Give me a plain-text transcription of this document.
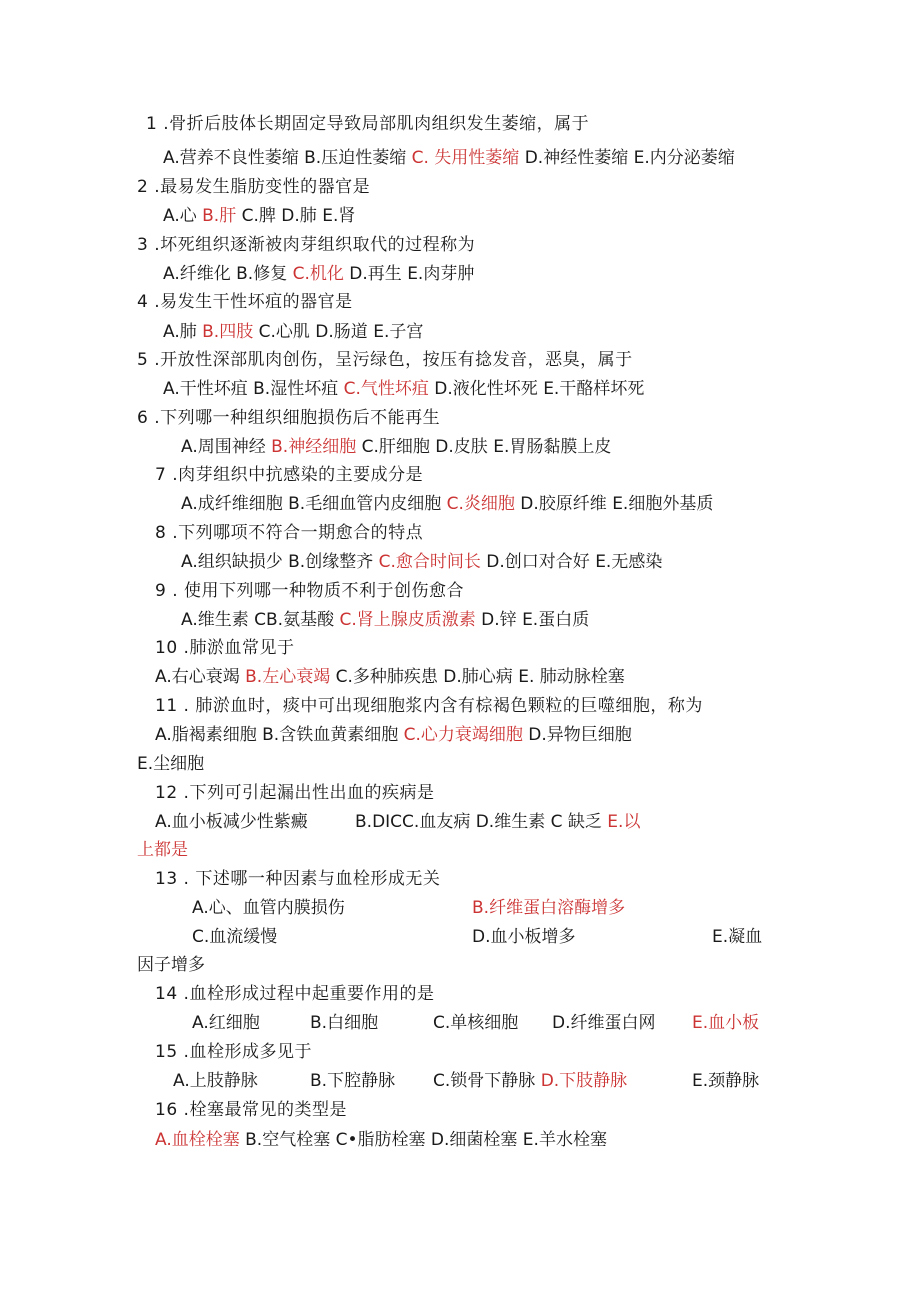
1 .骨折后肢体长期固定导致局部肌肉组织发生萎缩，属于
A.营养不良性萎缩 B.压迫性萎缩 C. 失用性萎缩 D.神经性萎缩 E.内分泌萎缩
2 .最易发生脂肪变性的器官是
A.心 B.肝 C.脾 D.肺 E.肾
3 .坏死组织逐渐被肉芽组织取代的过程称为
A.纤维化 B.修复 C.机化 D.再生 E.肉芽肿
4 .易发生干性坏疽的器官是
A.肺 B.四肢 C.心肌 D.肠道 E.子宫
5 .开放性深部肌肉创伤，呈污绿色，按压有捻发音，恶臭，属于
A.干性坏疽 B.湿性坏疽 C.气性坏疽 D.液化性坏死 E.干酪样坏死
6 .下列哪一种组织细胞损伤后不能再生
A.周围神经 B.神经细胞 C.肝细胞 D.皮肤 E.胃肠黏膜上皮
7 .肉芽组织中抗感染的主要成分是
A.成纤维细胞 B.毛细血管内皮细胞 C.炎细胞 D.胶原纤维 E.细胞外基质
8 .下列哪项不符合一期愈合的特点
A.组织缺损少 B.创缘整齐 C.愈合时间长 D.创口对合好 E.无感染
9 . 使用下列哪一种物质不利于创伤愈合
A.维生素 CB.氨基酸 C.肾上腺皮质激素 D.锌 E.蛋白质
10 .肺淤血常见于
A.右心衰竭 B.左心衰竭 C.多种肺疾患 D.肺心病 E. 肺动脉栓塞
11 . 肺淤血时，痰中可出现细胞浆内含有棕褐色颗粒的巨噬细胞，称为
A.脂褐素细胞 B.含铁血黄素细胞 C.心力衰竭细胞 D.异物巨细胞
E.尘细胞
12 .下列可引起漏出性出血的疾病是
A.血小板减少性紫癜	B.DICC.血友病 D.维生素 C 缺乏 E.以
上都是
13 . 下述哪一种因素与血栓形成无关
A.心、血管内膜损伤	B.纤维蛋白溶酶增多
C.血流缓慢	D.血小板增多	E.凝血
因子增多
14 .血栓形成过程中起重要作用的是
A.红细胞	B.白细胞	C.单核细胞 D.纤维蛋白网 E.血小板
15 .血栓形成多见于
A.上肢静脉	B.下腔静脉 C.锁骨下静脉 D.下肢静脉	E.颈静脉
16 .栓塞最常见的类型是
A.血栓栓塞 B.空气栓塞 C•脂肪栓塞 D.细菌栓塞 E.羊水栓塞
